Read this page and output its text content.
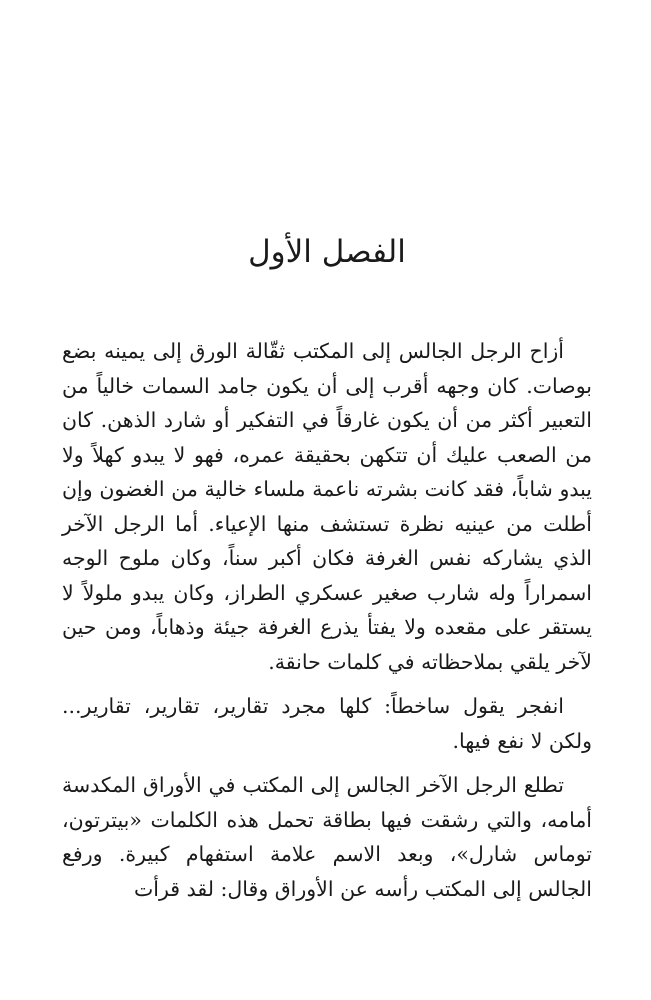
الفصل الأول

أزاح الرجل الجالس إلى المكتب ثقّالة الورق إلى يمينه بضع بوصات. كان وجهه أقرب إلى أن يكون جامد السمات خالياً من التعبير أكثر من أن يكون غارقاً في التفكير أو شارد الذهن. كان من الصعب عليك أن تتكهن بحقيقة عمره، فهو لا يبدو كهلاً ولا يبدو شاباً، فقد كانت بشرته ناعمة ملساء خالية من الغضون وإن أطلت من عينيه نظرة تستشف منها الإعياء. أما الرجل الآخر الذي يشاركه نفس الغرفة فكان أكبر سناً، وكان ملوح الوجه اسمراراً وله شارب صغير عسكري الطراز، وكان يبدو ملولاً لا يستقر على مقعده ولا يفتأ يذرع الغرفة جيئة وذهاباً، ومن حين لآخر يلقي بملاحظاته في كلمات حانقة.

انفجر يقول ساخطاً: كلها مجرد تقارير، تقارير، تقارير... ولكن لا نفع فيها.

تطلع الرجل الآخر الجالس إلى المكتب في الأوراق المكدسة أمامه، والتي رشقت فيها بطاقة تحمل هذه الكلمات «بيترتون، توماس شارل»، وبعد الاسم علامة استفهام كبيرة. ورفع الجالس إلى المكتب رأسه عن الأوراق وقال: لقد قرأت
